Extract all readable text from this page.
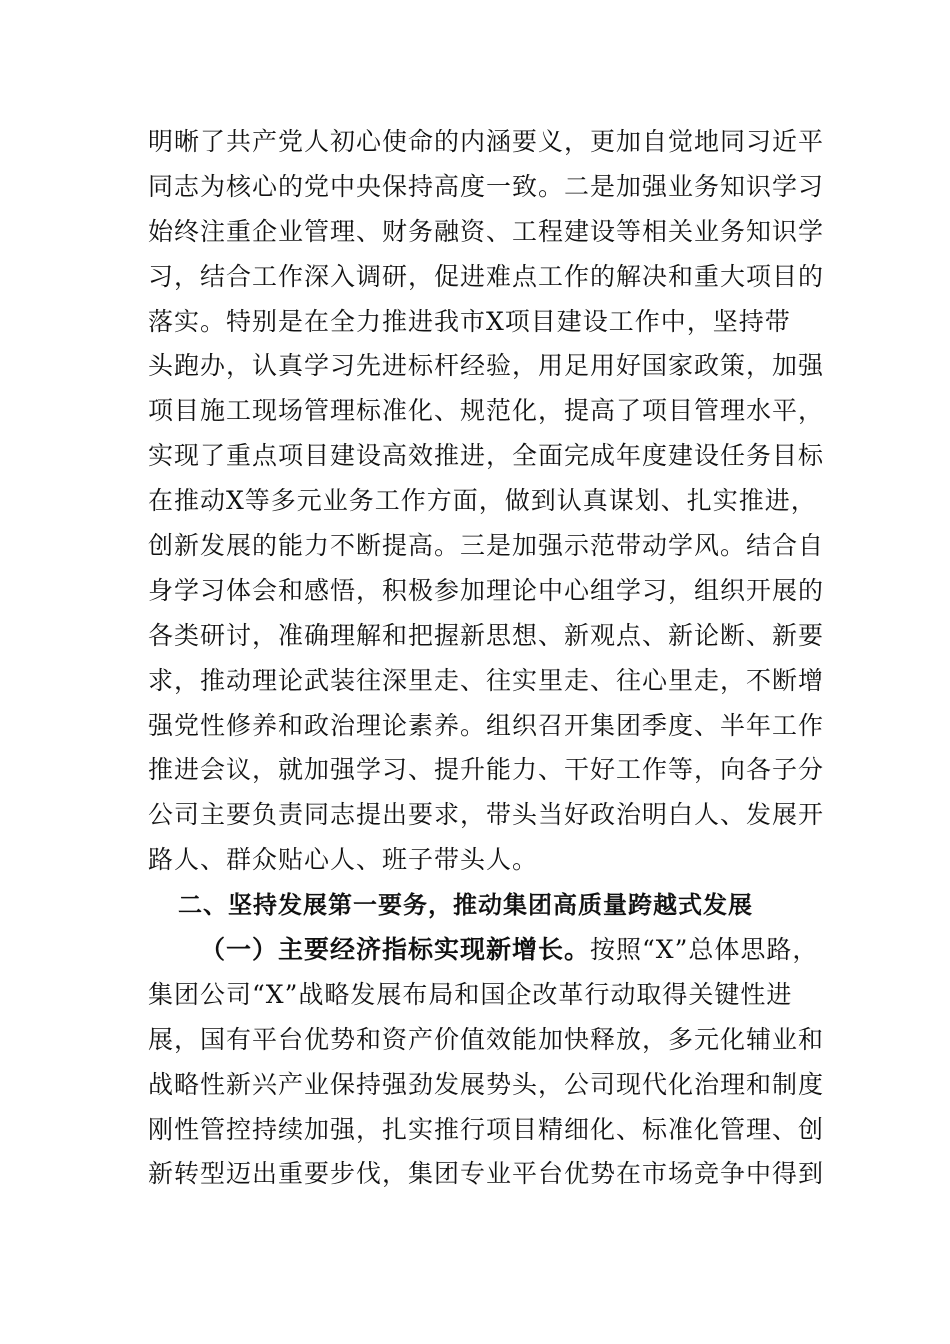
明晰了共产党人初心使命的内涵要义，更加自觉地同习近平
同志为核心的党中央保持高度一致。二是加强业务知识学习
始终注重企业管理、财务融资、工程建设等相关业务知识学
习，结合工作深入调研，促进难点工作的解决和重大项目的
落实。特别是在全力推进我市X项目建设工作中，坚持带
头跑办，认真学习先进标杆经验，用足用好国家政策，加强
项目施工现场管理标准化、规范化，提高了项目管理水平，
实现了重点项目建设高效推进，全面完成年度建设任务目标
在推动X等多元业务工作方面，做到认真谋划、扎实推进，
创新发展的能力不断提高。三是加强示范带动学风。结合自
身学习体会和感悟，积极参加理论中心组学习，组织开展的
各类研讨，准确理解和把握新思想、新观点、新论断、新要
求，推动理论武装往深里走、往实里走、往心里走，不断增
强党性修养和政治理论素养。组织召开集团季度、半年工作
推进会议，就加强学习、提升能力、干好工作等，向各子分
公司主要负责同志提出要求，带头当好政治明白人、发展开
路人、群众贴心人、班子带头人。
二、坚持发展第一要务，推动集团高质量跨越式发展
（一）主要经济指标实现新增长。按照“X”总体思路，
集团公司“X”战略发展布局和国企改革行动取得关键性进
展，国有平台优势和资产价值效能加快释放，多元化辅业和
战略性新兴产业保持强劲发展势头，公司现代化治理和制度
刚性管控持续加强，扎实推行项目精细化、标准化管理、创
新转型迈出重要步伐，集团专业平台优势在市场竞争中得到
